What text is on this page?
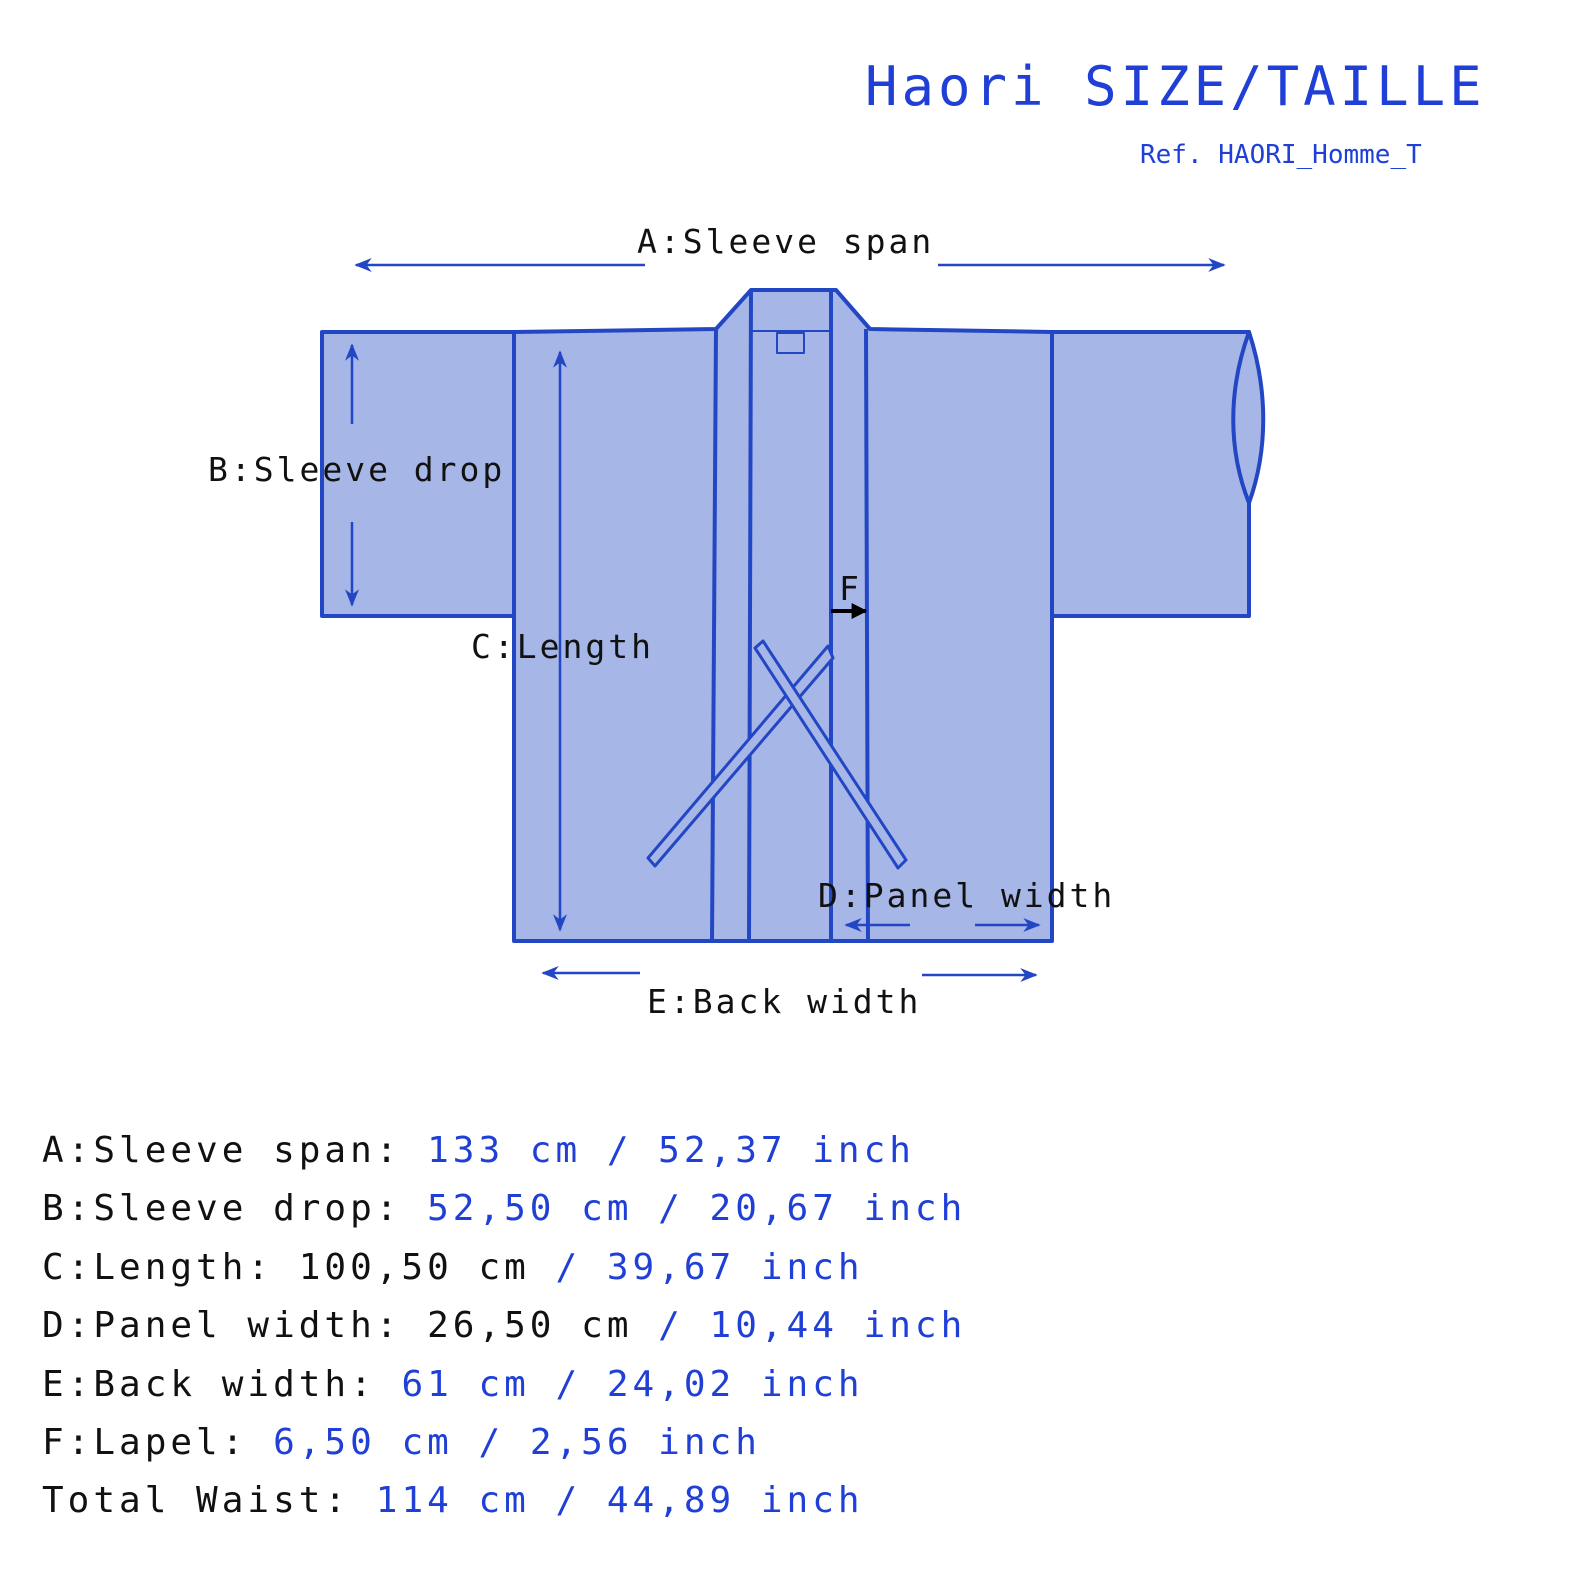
Haori SIZE/TAILLE
Ref. HAORI_Homme_T
A:Sleeve span
B:Sleeve drop
C:Length
D:Panel width
E:Back width
F
A:Sleeve span: 133 cm / 52,37 inch
B:Sleeve drop: 52,50 cm / 20,67 inch
C:Length: 100,50 cm / 39,67 inch
D:Panel width: 26,50 cm / 10,44 inch
E:Back width: 61 cm / 24,02 inch
F:Lapel: 6,50 cm / 2,56 inch
Total Waist: 114 cm / 44,89 inch
